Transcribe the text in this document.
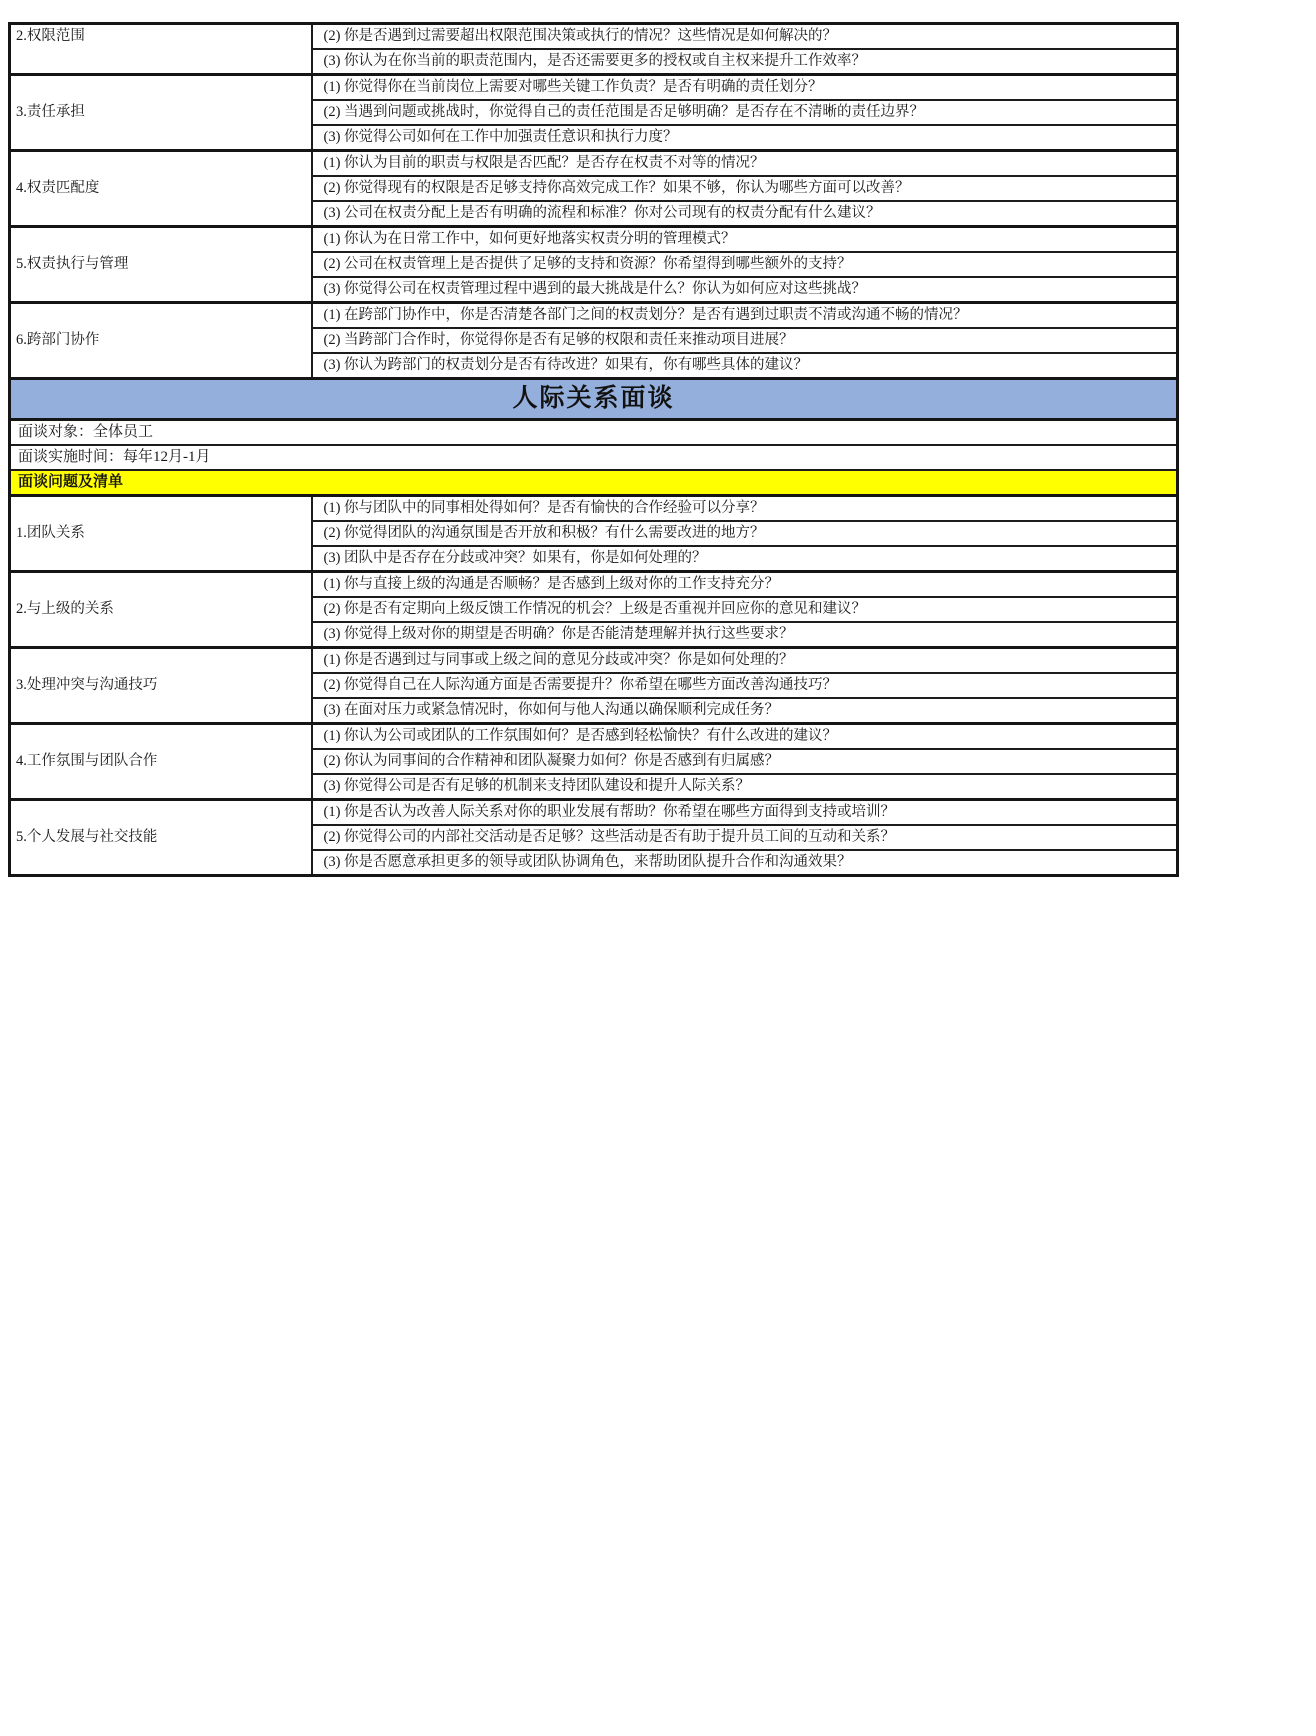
2.权限范围	(2) 你是否遇到过需要超出权限范围决策或执行的情况？这些情况是如何解决的？
	(3) 你认为在你当前的职责范围内，是否还需要更多的授权或自主权来提升工作效率？
3.责任承担	(1) 你觉得你在当前岗位上需要对哪些关键工作负责？是否有明确的责任划分？
	(2) 当遇到问题或挑战时，你觉得自己的责任范围是否足够明确？是否存在不清晰的责任边界？
	(3) 你觉得公司如何在工作中加强责任意识和执行力度？
4.权责匹配度	(1) 你认为目前的职责与权限是否匹配？是否存在权责不对等的情况？
	(2) 你觉得现有的权限是否足够支持你高效完成工作？如果不够，你认为哪些方面可以改善？
	(3) 公司在权责分配上是否有明确的流程和标准？你对公司现有的权责分配有什么建议？
5.权责执行与管理	(1) 你认为在日常工作中，如何更好地落实权责分明的管理模式？
	(2) 公司在权责管理上是否提供了足够的支持和资源？你希望得到哪些额外的支持？
	(3) 你觉得公司在权责管理过程中遇到的最大挑战是什么？你认为如何应对这些挑战？
6.跨部门协作	(1) 在跨部门协作中，你是否清楚各部门之间的权责划分？是否有遇到过职责不清或沟通不畅的情况？
	(2) 当跨部门合作时，你觉得你是否有足够的权限和责任来推动项目进展？
	(3) 你认为跨部门的权责划分是否有待改进？如果有，你有哪些具体的建议？
人际关系面谈	
面谈对象：全体员工	
面谈实施时间：每年12月-1月	
面谈问题及清单	
1.团队关系	(1) 你与团队中的同事相处得如何？是否有愉快的合作经验可以分享？
	(2) 你觉得团队的沟通氛围是否开放和积极？有什么需要改进的地方？
	(3) 团队中是否存在分歧或冲突？如果有，你是如何处理的？
2.与上级的关系	(1) 你与直接上级的沟通是否顺畅？是否感到上级对你的工作支持充分？
	(2) 你是否有定期向上级反馈工作情况的机会？上级是否重视并回应你的意见和建议？
	(3) 你觉得上级对你的期望是否明确？你是否能清楚理解并执行这些要求？
3.处理冲突与沟通技巧	(1) 你是否遇到过与同事或上级之间的意见分歧或冲突？你是如何处理的？
	(2) 你觉得自己在人际沟通方面是否需要提升？你希望在哪些方面改善沟通技巧？
	(3) 在面对压力或紧急情况时，你如何与他人沟通以确保顺利完成任务？
4.工作氛围与团队合作	(1) 你认为公司或团队的工作氛围如何？是否感到轻松愉快？有什么改进的建议？
	(2) 你认为同事间的合作精神和团队凝聚力如何？你是否感到有归属感？
	(3) 你觉得公司是否有足够的机制来支持团队建设和提升人际关系？
5.个人发展与社交技能	(1) 你是否认为改善人际关系对你的职业发展有帮助？你希望在哪些方面得到支持或培训？
	(2) 你觉得公司的内部社交活动是否足够？这些活动是否有助于提升员工间的互动和关系？
	(3) 你是否愿意承担更多的领导或团队协调角色，来帮助团队提升合作和沟通效果？
